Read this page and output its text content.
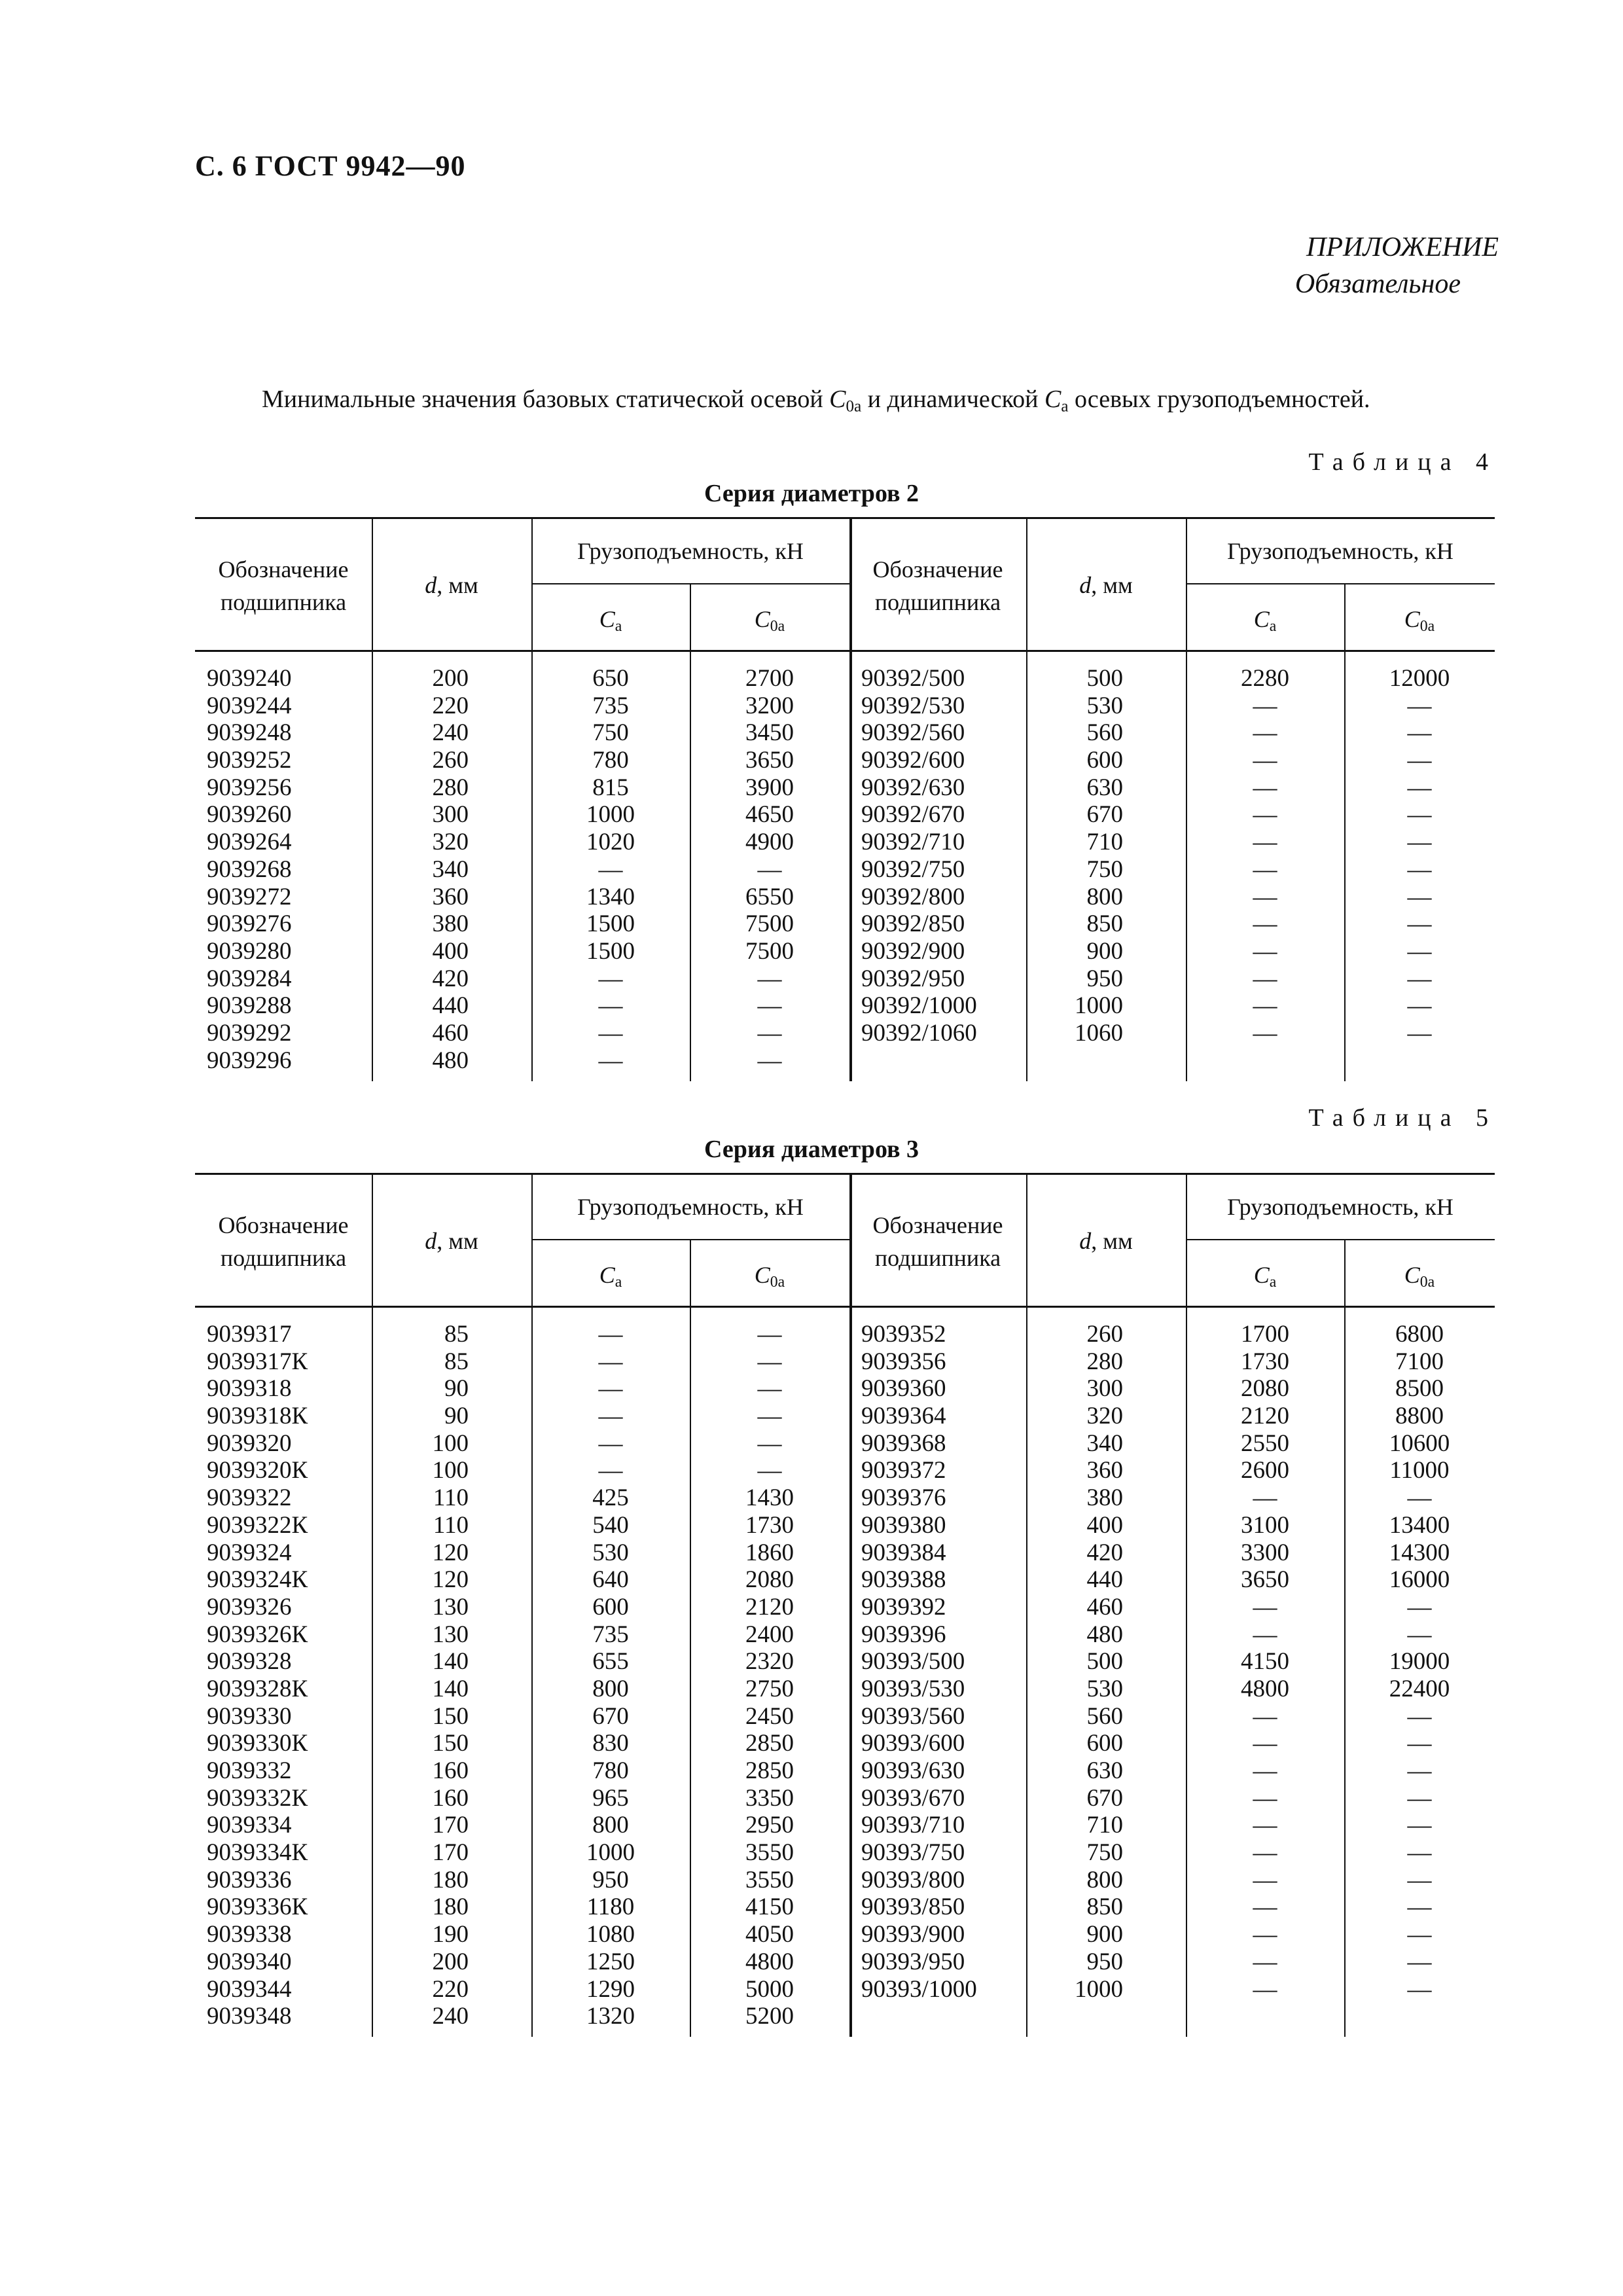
С. 6 ГОСТ 9942—90
ПРИЛОЖЕНИЕ
Обязательное
Минимальные значения базовых статической осевой $C_{0a}$ и динамической $C_a$ осевых грузоподъемностей.
Таблица 4
Серия диаметров 2
Обозначение подшипника
d, мм
Грузоподъемность, кН
$C_a$	$C_{0a}$
Обозначение подшипника
d, мм
Грузоподъемность, кН
$C_a$	$C_{0a}$
9039240	200	650	2700	90392/500	500	2280	12000
9039244	220	735	3200	90392/530	530	—	—
9039248	240	750	3450	90392/560	560	—	—
9039252	260	780	3650	90392/600	600	—	—
9039256	280	815	3900	90392/630	630	—	—
9039260	300	1000	4650	90392/670	670	—	—
9039264	320	1020	4900	90392/710	710	—	—
9039268	340	—	—	90392/750	750	—	—
9039272	360	1340	6550	90392/800	800	—	—
9039276	380	1500	7500	90392/850	850	—	—
9039280	400	1500	7500	90392/900	900	—	—
9039284	420	—	—	90392/950	950	—	—
9039288	440	—	—	90392/1000	1000	—	—
9039292	460	—	—	90392/1060	1060	—	—
9039296	480	—	—
Таблица 5
Серия диаметров 3
Обозначение подшипника
d, мм
Грузоподъемность, кН
$C_a$	$C_{0a}$
Обозначение подшипника
d, мм
Грузоподъемность, кН
$C_a$	$C_{0a}$
9039317	85	—	—	9039352	260	1700	6800
9039317К	85	—	—	9039356	280	1730	7100
9039318	90	—	—	9039360	300	2080	8500
9039318К	90	—	—	9039364	320	2120	8800
9039320	100	—	—	9039368	340	2550	10600
9039320К	100	—	—	9039372	360	2600	11000
9039322	110	425	1430	9039376	380	—	—
9039322К	110	540	1730	9039380	400	3100	13400
9039324	120	530	1860	9039384	420	3300	14300
9039324К	120	640	2080	9039388	440	3650	16000
9039326	130	600	2120	9039392	460	—	—
9039326К	130	735	2400	9039396	480	—	—
9039328	140	655	2320	90393/500	500	4150	19000
9039328К	140	800	2750	90393/530	530	4800	22400
9039330	150	670	2450	90393/560	560	—	—
9039330К	150	830	2850	90393/600	600	—	—
9039332	160	780	2850	90393/630	630	—	—
9039332К	160	965	3350	90393/670	670	—	—
9039334	170	800	2950	90393/710	710	—	—
9039334К	170	1000	3550	90393/750	750	—	—
9039336	180	950	3550	90393/800	800	—	—
9039336К	180	1180	4150	90393/850	850	—	—
9039338	190	1080	4050	90393/900	900	—	—
9039340	200	1250	4800	90393/950	950	—	—
9039344	220	1290	5000	90393/1000	1000	—	—
9039348	240	1320	5200
